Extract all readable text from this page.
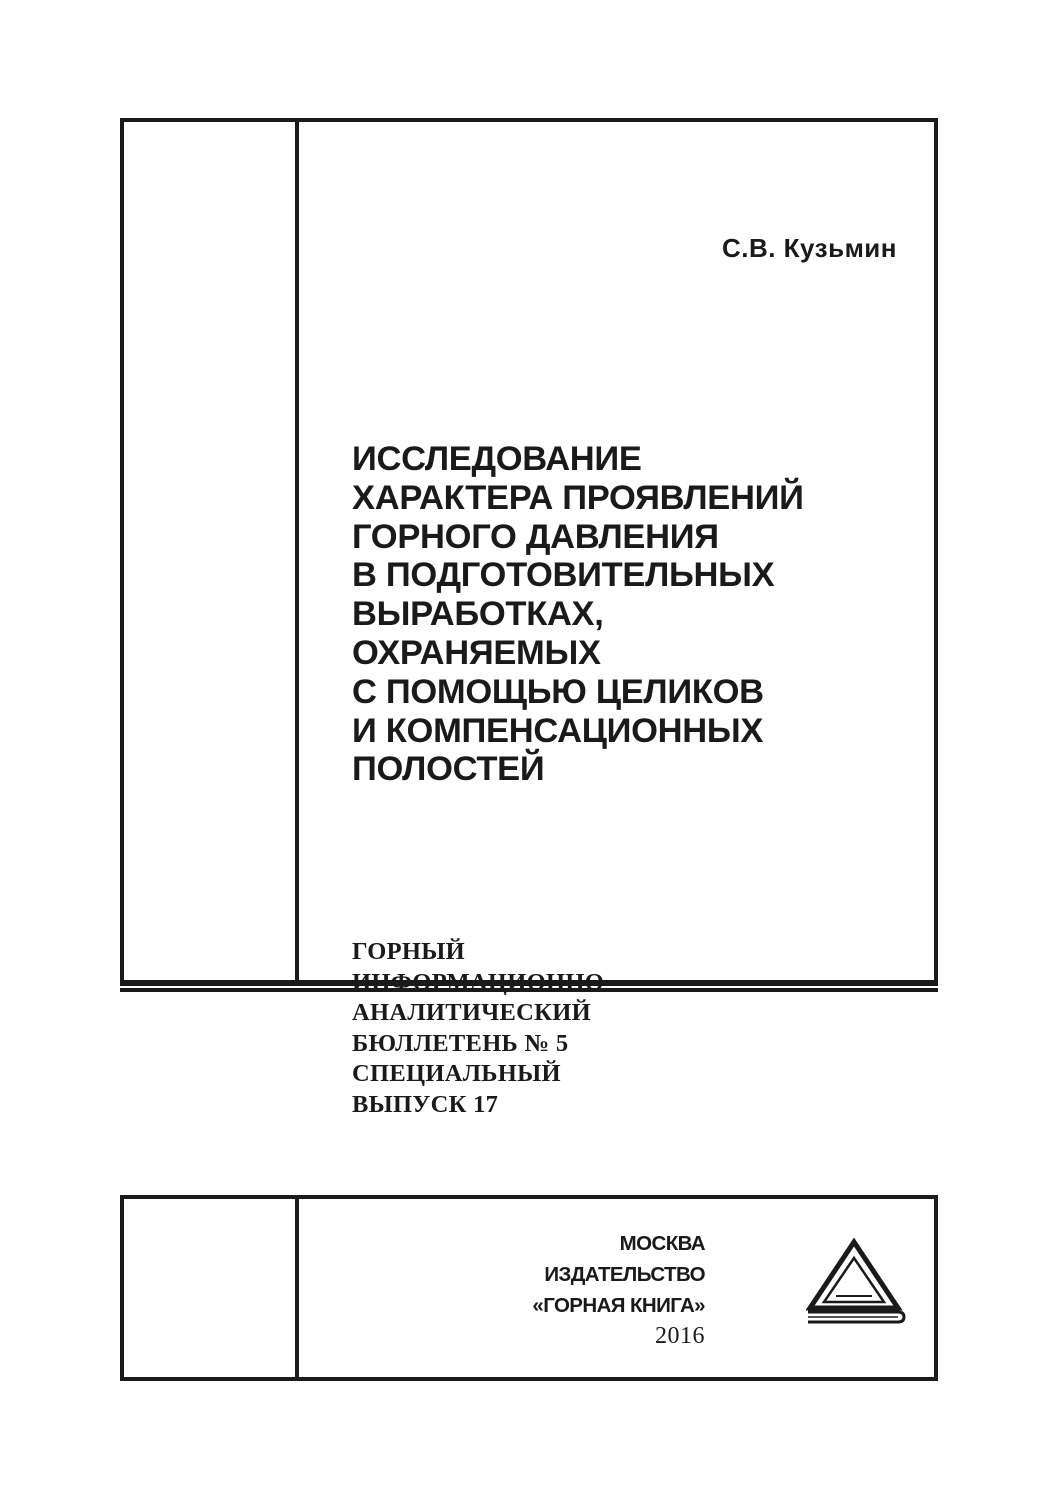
С.В. Кузьмин
ИССЛЕДОВАНИЕ
ХАРАКТЕРА ПРОЯВЛЕНИЙ
ГОРНОГО ДАВЛЕНИЯ
В ПОДГОТОВИТЕЛЬНЫХ
ВЫРАБОТКАХ,
ОХРАНЯЕМЫХ
С ПОМОЩЬЮ ЦЕЛИКОВ
И КОМПЕНСАЦИОННЫХ
ПОЛОСТЕЙ
ГОРНЫЙ
ИНФОРМАЦИОННО-
АНАЛИТИЧЕСКИЙ
БЮЛЛЕТЕНЬ № 5
СПЕЦИАЛЬНЫЙ
ВЫПУСК 17
МОСКВА
ИЗДАТЕЛЬСТВО
«ГОРНАЯ КНИГА»
2016
